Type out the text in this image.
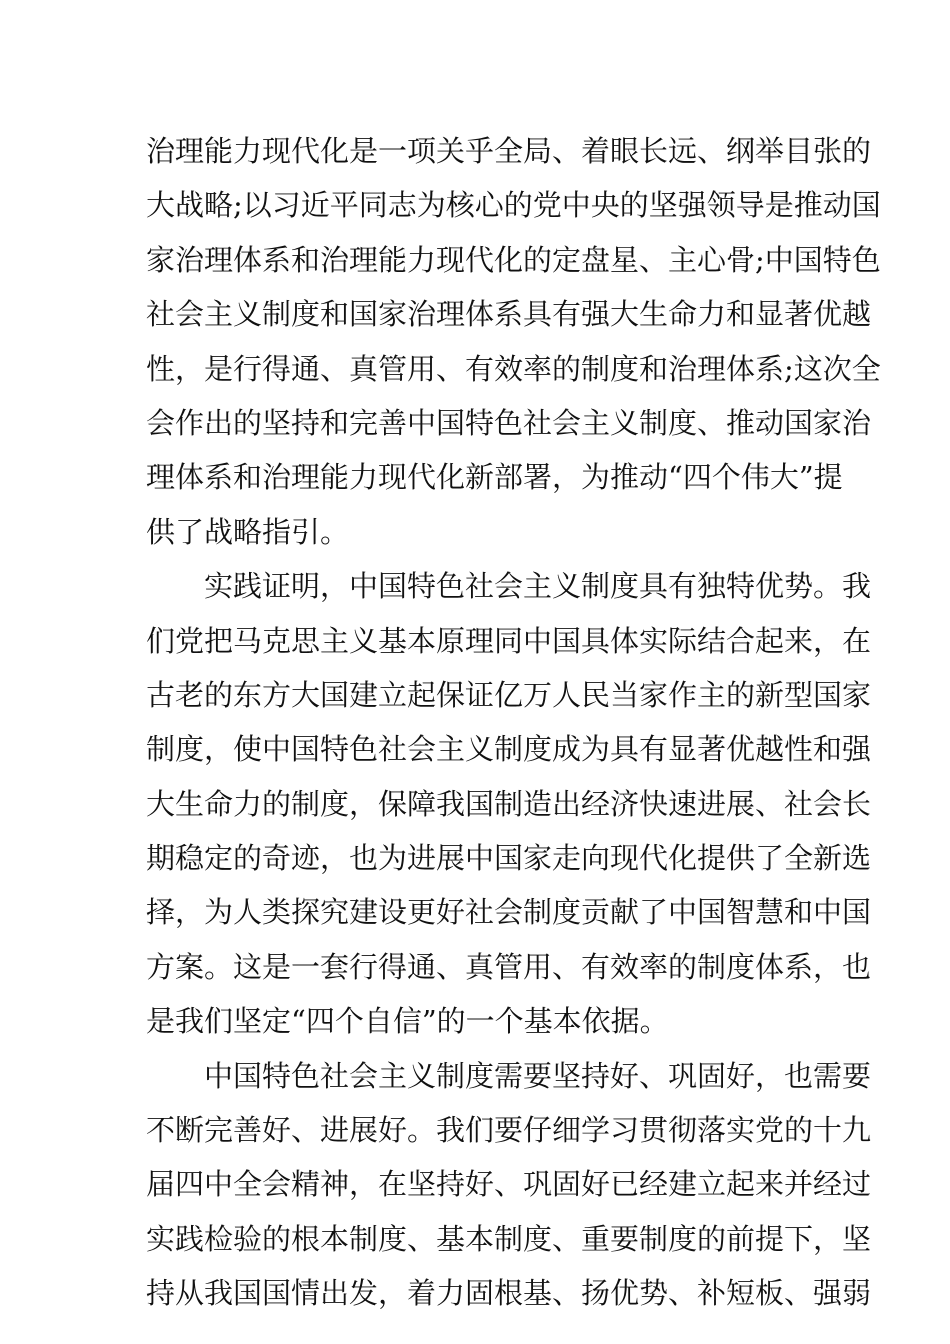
治理能力现代化是一项关乎全局、着眼长远、纲举目张的
大战略;以习近平同志为核心的党中央的坚强领导是推动国
家治理体系和治理能力现代化的定盘星、主心骨;中国特色
社会主义制度和国家治理体系具有强大生命力和显著优越
性，是行得通、真管用、有效率的制度和治理体系;这次全
会作出的坚持和完善中国特色社会主义制度、推动国家治
理体系和治理能力现代化新部署，为推动“四个伟大”提
供了战略指引。
实践证明，中国特色社会主义制度具有独特优势。我
们党把马克思主义基本原理同中国具体实际结合起来，在
古老的东方大国建立起保证亿万人民当家作主的新型国家
制度，使中国特色社会主义制度成为具有显著优越性和强
大生命力的制度，保障我国制造出经济快速进展、社会长
期稳定的奇迹，也为进展中国家走向现代化提供了全新选
择，为人类探究建设更好社会制度贡献了中国智慧和中国
方案。这是一套行得通、真管用、有效率的制度体系，也
是我们坚定“四个自信”的一个基本依据。
中国特色社会主义制度需要坚持好、巩固好，也需要
不断完善好、进展好。我们要仔细学习贯彻落实党的十九
届四中全会精神，在坚持好、巩固好已经建立起来并经过
实践检验的根本制度、基本制度、重要制度的前提下，坚
持从我国国情出发，着力固根基、扬优势、补短板、强弱
